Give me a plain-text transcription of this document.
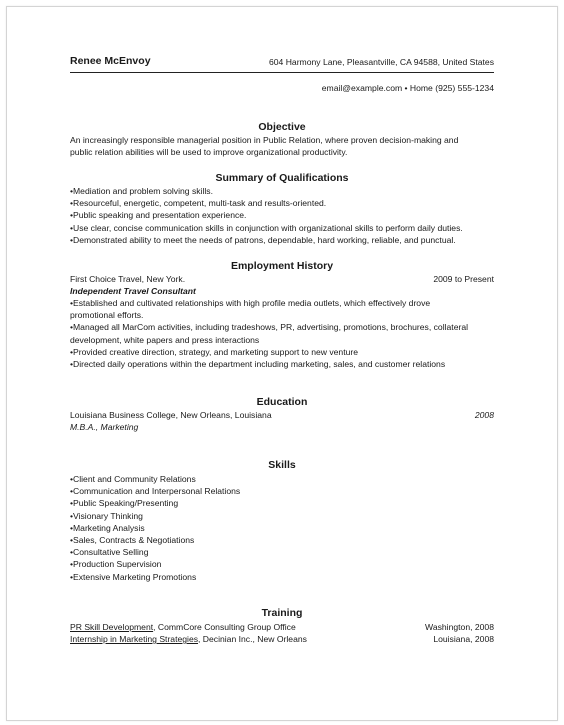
Renee McEnvoy	604 Harmony Lane, Pleasantville, CA 94588, United States
email@example.com • Home (925) 555-1234
Objective
An increasingly responsible managerial position in Public Relation, where proven decision-making and
public relation abilities will be used to improve organizational productivity.
Summary of Qualifications
•Mediation and problem solving skills.
•Resourceful, energetic, competent, multi-task and results-oriented.
•Public speaking and presentation experience.
•Use clear, concise communication skills in conjunction with organizational skills to perform daily duties.
•Demonstrated ability to meet the needs of patrons, dependable, hard working, reliable, and punctual.
Employment History
First Choice Travel, New York.	2009 to Present
Independent Travel Consultant
•Established and cultivated relationships with high profile media outlets, which effectively drove
promotional efforts.
•Managed all MarCom activities, including tradeshows, PR, advertising, promotions, brochures, collateral
development, white papers and press interactions
•Provided creative direction, strategy, and marketing support to new venture
•Directed daily operations within the department including marketing, sales, and customer relations
Education
Louisiana Business College, New Orleans, Louisiana	2008
M.B.A., Marketing
Skills
•Client and Community Relations
•Communication and Interpersonal Relations
•Public Speaking/Presenting
•Visionary Thinking
•Marketing Analysis
•Sales, Contracts & Negotiations
•Consultative Selling
•Production Supervision
•Extensive Marketing Promotions
Training
PR Skill Development, CommCore Consulting Group Office	Washington, 2008
Internship in Marketing Strategies, Decinian Inc., New Orleans	Louisiana, 2008
